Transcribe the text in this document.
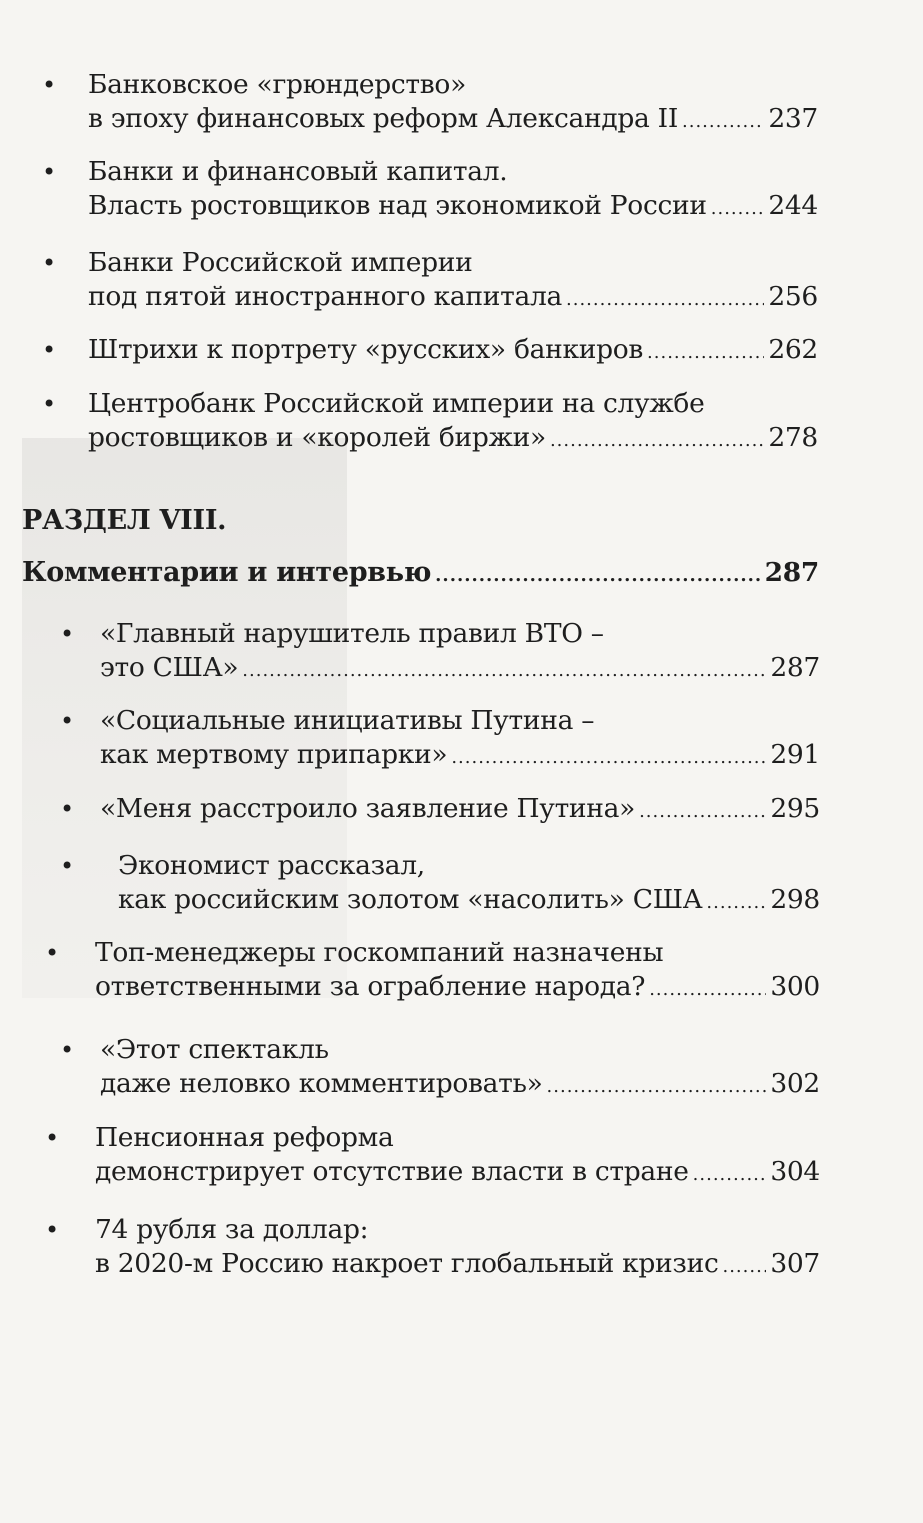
• Банковское «грюндерство»
в эпоху финансовых реформ Александра II .....	237
• Банки и финансовый капитал.
Власть ростовщиков над экономикой России ..... 244
• Банки Российской империи
под пятой иностранного капитала .....	256
• Штрихи к портрету «русских» банкиров .....	262
• Центробанк Российской империи на службе
ростовщиков и «королей биржи» .....	278
РАЗДЕЛ VIII.
Комментарии и интервью .....	287
• «Главный нарушитель правил ВТО –
это США» .....	287
• «Социальные инициативы Путина –
как мертвому припарки» .....	291
• «Меня расстроило заявление Путина» .....	295
• Экономист рассказал,
как российским золотом «насолить» США .....	298
• Топ-менеджеры госкомпаний назначены
ответственными за ограбление народа? .....	300
• «Этот спектакль
даже неловко комментировать» .....	302
• Пенсионная реформа
демонстрирует отсутствие власти в стране .....	304
• 74 рубля за доллар:
в 2020-м Россию накроет глобальный кризис ..... 307
